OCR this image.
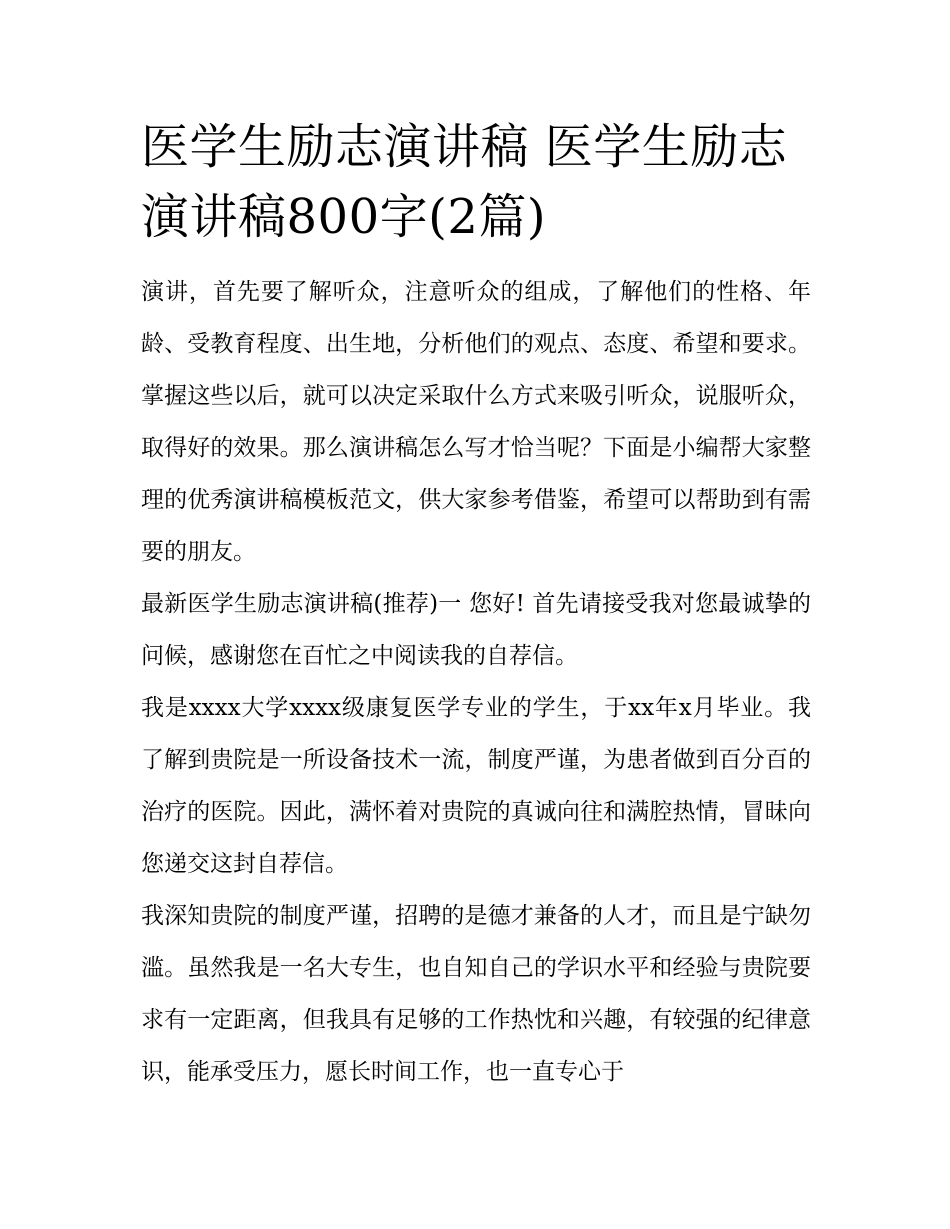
医学生励志演讲稿 医学生励志演讲稿800字(2篇)

演讲，首先要了解听众，注意听众的组成，了解他们的性格、年龄、受教育程度、出生地，分析他们的观点、态度、希望和要求。掌握这些以后，就可以决定采取什么方式来吸引听众，说服听众，取得好的效果。那么演讲稿怎么写才恰当呢？下面是小编帮大家整理的优秀演讲稿模板范文，供大家参考借鉴，希望可以帮助到有需要的朋友。

最新医学生励志演讲稿(推荐)一 您好! 首先请接受我对您最诚挚的问候，感谢您在百忙之中阅读我的自荐信。

我是xxxx大学xxxx级康复医学专业的学生，于xx年x月毕业。我了解到贵院是一所设备技术一流，制度严谨，为患者做到百分百的治疗的医院。因此，满怀着对贵院的真诚向往和满腔热情，冒昧向您递交这封自荐信。

我深知贵院的制度严谨，招聘的是德才兼备的人才，而且是宁缺勿滥。虽然我是一名大专生，也自知自己的学识水平和经验与贵院要求有一定距离，但我具有足够的工作热忱和兴趣，有较强的纪律意识，能承受压力，愿长时间工作，也一直专心于
